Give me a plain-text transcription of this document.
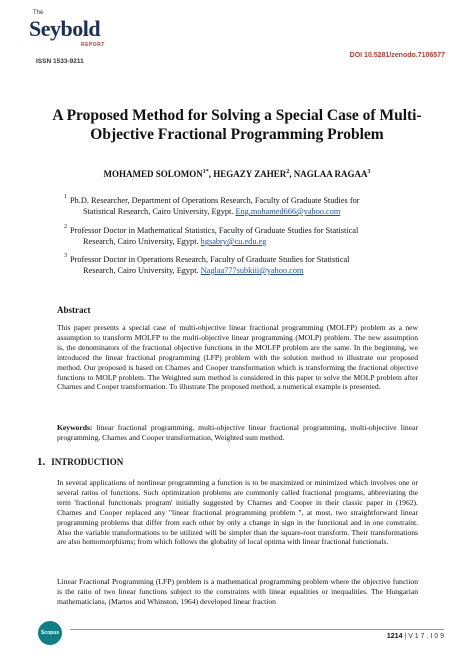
The
Seybold
REPORT
ISSN 1533-9211
DOI 10.5281/zenodo.7106577
A Proposed Method for Solving a Special Case of Multi-Objective Fractional Programming Problem
MOHAMED $SOLOMON^{1*}$, HEGAZY ZAHER$^2$, NAGLAA RAGAA$^3$
1 Ph.D. Researcher, Department of Operations Research, Faculty of Graduate Studies for
Statistical Research, Cairo University, Egypt. Eng.mohamed666@yahoo.com
2 Professor Doctor in Mathematical Statistics, Faculty of Graduate Studies for Statistical
Research, Cairo University, Egypt. hgsabry@cu.edu.eg
3 Professor Doctor in Operations Research, Faculty of Graduate Studies for Statistical
Research, Cairo University, Egypt. Naglaa777subkiii@yahoo.com
Abstract
This paper presents a special case of multi-objective linear fractional programming (MOLFP) problem as a new assumption to transform MOLFP to the multi-objective linear programming (MOLP) problem. The new assumption is, the denominators of the fractional objective functions in the MOLFP problem are the same. In the beginning, we introduced the linear fractional programming (LFP) problem with the solution method to illustrate our proposed method. Our proposed is based on Charnes and Cooper transformation which is transforming the fractional objective functions to MOLP problem. The Weighted sum method is considered in this paper to solve the MOLP problem after Charnes and Cooper transformation. To illustrate The proposed method, a numerical example is presented.
Keywords: linear fractional programming, multi-objective linear fractional programming, multi-objective linear programming, Charnes and Cooper transformation, Weighted sum method.
1. INTRODUCTION
In several applications of nonlinear programming a function is to be maximized or minimized which involves one or several ratios of functions. Such optimization problems are commonly called fractional programs, abbreviating the term 'fractional functionals program' initially suggested by Charnes and Cooper in their classic paper in (1962). Charnes and Cooper replaced any "linear fractional programming problem '', at most, two straightforward linear programming problems that differ from each other by only a change in sign in the functional and in one constraint. Also the variable transformations to be utilized will be simpler than the square-root transform. Their transformations are also homomorphisms; from which follows the globality of local optima with linear fractional functionals.
Linear Fractional Programming (LFP) problem is a mathematical programming problem where the objective function is the ratio of two linear functions subject to the constraints with linear equalities or inequalities. The Hungarian mathematicians, (Martos and Whinston, 1964) developed linear fraction
Scopus	1214 | V 1 7 . I 0 9
